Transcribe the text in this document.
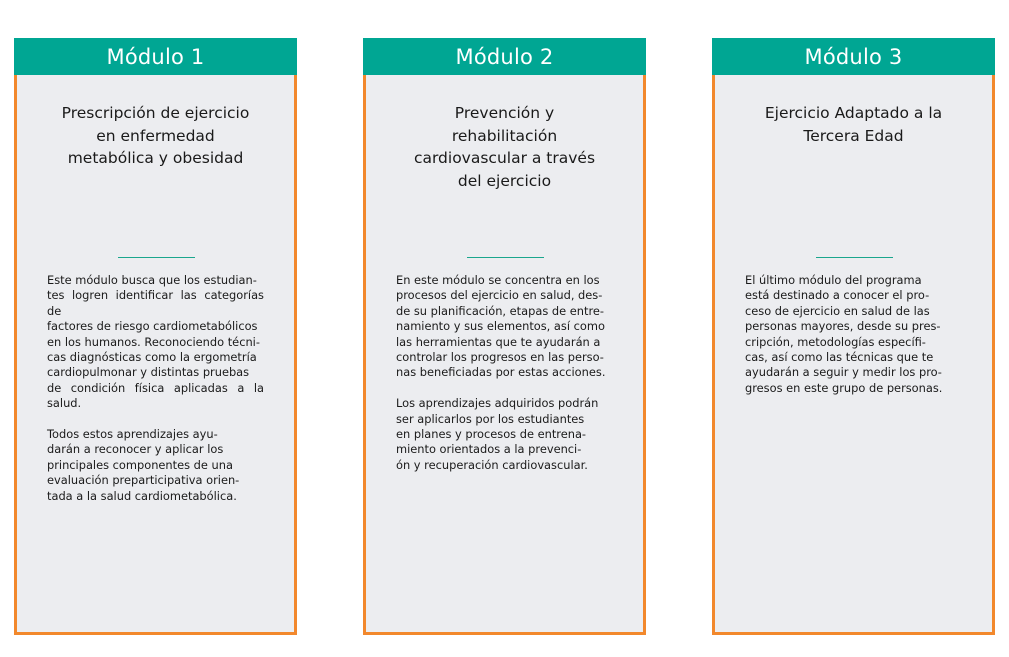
Módulo 1
Prescripción de ejercicio
en enfermedad
metabólica y obesidad

Este módulo busca que los estudian-
tes logren identificar las categorías de
factores de riesgo cardiometabólicos
en los humanos. Reconociendo técni-
cas diagnósticas como la ergometría
cardiopulmonar y distintas pruebas
de condición física aplicadas a la salud.

Todos estos aprendizajes ayu-
darán a reconocer y aplicar los
principales componentes de una
evaluación preparticipativa orien-
tada a la salud cardiometabólica.

Módulo 2
Prevención y
rehabilitación
cardiovascular a través
del ejercicio

En este módulo se concentra en los
procesos del ejercicio en salud, des-
de su planificación, etapas de entre-
namiento y sus elementos, así como
las herramientas que te ayudarán a
controlar los progresos en las perso-
nas beneficiadas por estas acciones.

Los aprendizajes adquiridos podrán
ser aplicarlos por los estudiantes
en planes y procesos de entrena-
miento orientados a la prevenci-
ón y recuperación cardiovascular.

Módulo 3
Ejercicio Adaptado a la
Tercera Edad

El último módulo del programa
está destinado a conocer el pro-
ceso de ejercicio en salud de las
personas mayores, desde su pres-
cripción, metodologías específi-
cas, así como las técnicas que te
ayudarán a seguir y medir los pro-
gresos en este grupo de personas.
